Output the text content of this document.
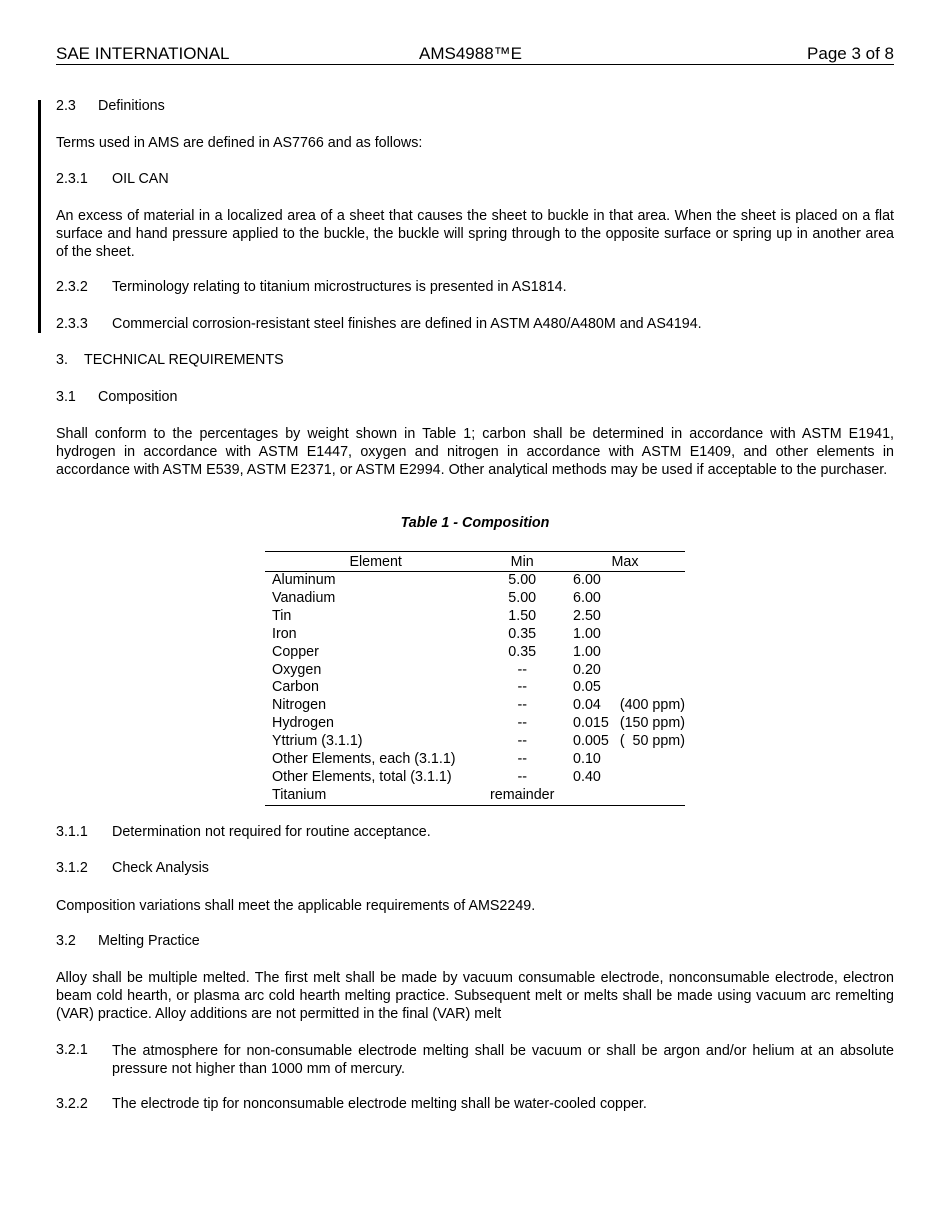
SAE INTERNATIONAL	AMS4988™E	Page 3 of 8
2.3 Definitions
Terms used in AMS are defined in AS7766 and as follows:
2.3.1 OIL CAN
An excess of material in a localized area of a sheet that causes the sheet to buckle in that area. When the sheet is placed on a flat surface and hand pressure applied to the buckle, the buckle will spring through to the opposite surface or spring up in another area of the sheet.
2.3.2 Terminology relating to titanium microstructures is presented in AS1814.
2.3.3 Commercial corrosion-resistant steel finishes are defined in ASTM A480/A480M and AS4194.
3. TECHNICAL REQUIREMENTS
3.1 Composition
Shall conform to the percentages by weight shown in Table 1; carbon shall be determined in accordance with ASTM E1941, hydrogen in accordance with ASTM E1447, oxygen and nitrogen in accordance with ASTM E1409, and other elements in accordance with ASTM E539, ASTM E2371, or ASTM E2994. Other analytical methods may be used if acceptable to the purchaser.
Table 1 - Composition
Element	Min	Max	
Aluminum	5.00	6.00	
Vanadium	5.00	6.00	
Tin	1.50	2.50	
Iron	0.35	1.00	
Copper	0.35	1.00	
Oxygen	--	0.20	
Carbon	--	0.05	
Nitrogen	--	0.04	(400 ppm)
Hydrogen	--	0.015	(150 ppm)
Yttrium (3.1.1)	--	0.005	(  50 ppm)
Other Elements, each (3.1.1)	--	0.10	
Other Elements, total (3.1.1)	--	0.40	
Titanium	remainder		
3.1.1 Determination not required for routine acceptance.
3.1.2 Check Analysis
Composition variations shall meet the applicable requirements of AMS2249.
3.2 Melting Practice
Alloy shall be multiple melted. The first melt shall be made by vacuum consumable electrode, nonconsumable electrode, electron beam cold hearth, or plasma arc cold hearth melting practice. Subsequent melt or melts shall be made using vacuum arc remelting (VAR) practice. Alloy additions are not permitted in the final (VAR) melt
3.2.1	The atmosphere for non-consumable electrode melting shall be vacuum or shall be argon and/or helium at an absolute pressure not higher than 1000 mm of mercury.
3.2.2 The electrode tip for nonconsumable electrode melting shall be water-cooled copper.
